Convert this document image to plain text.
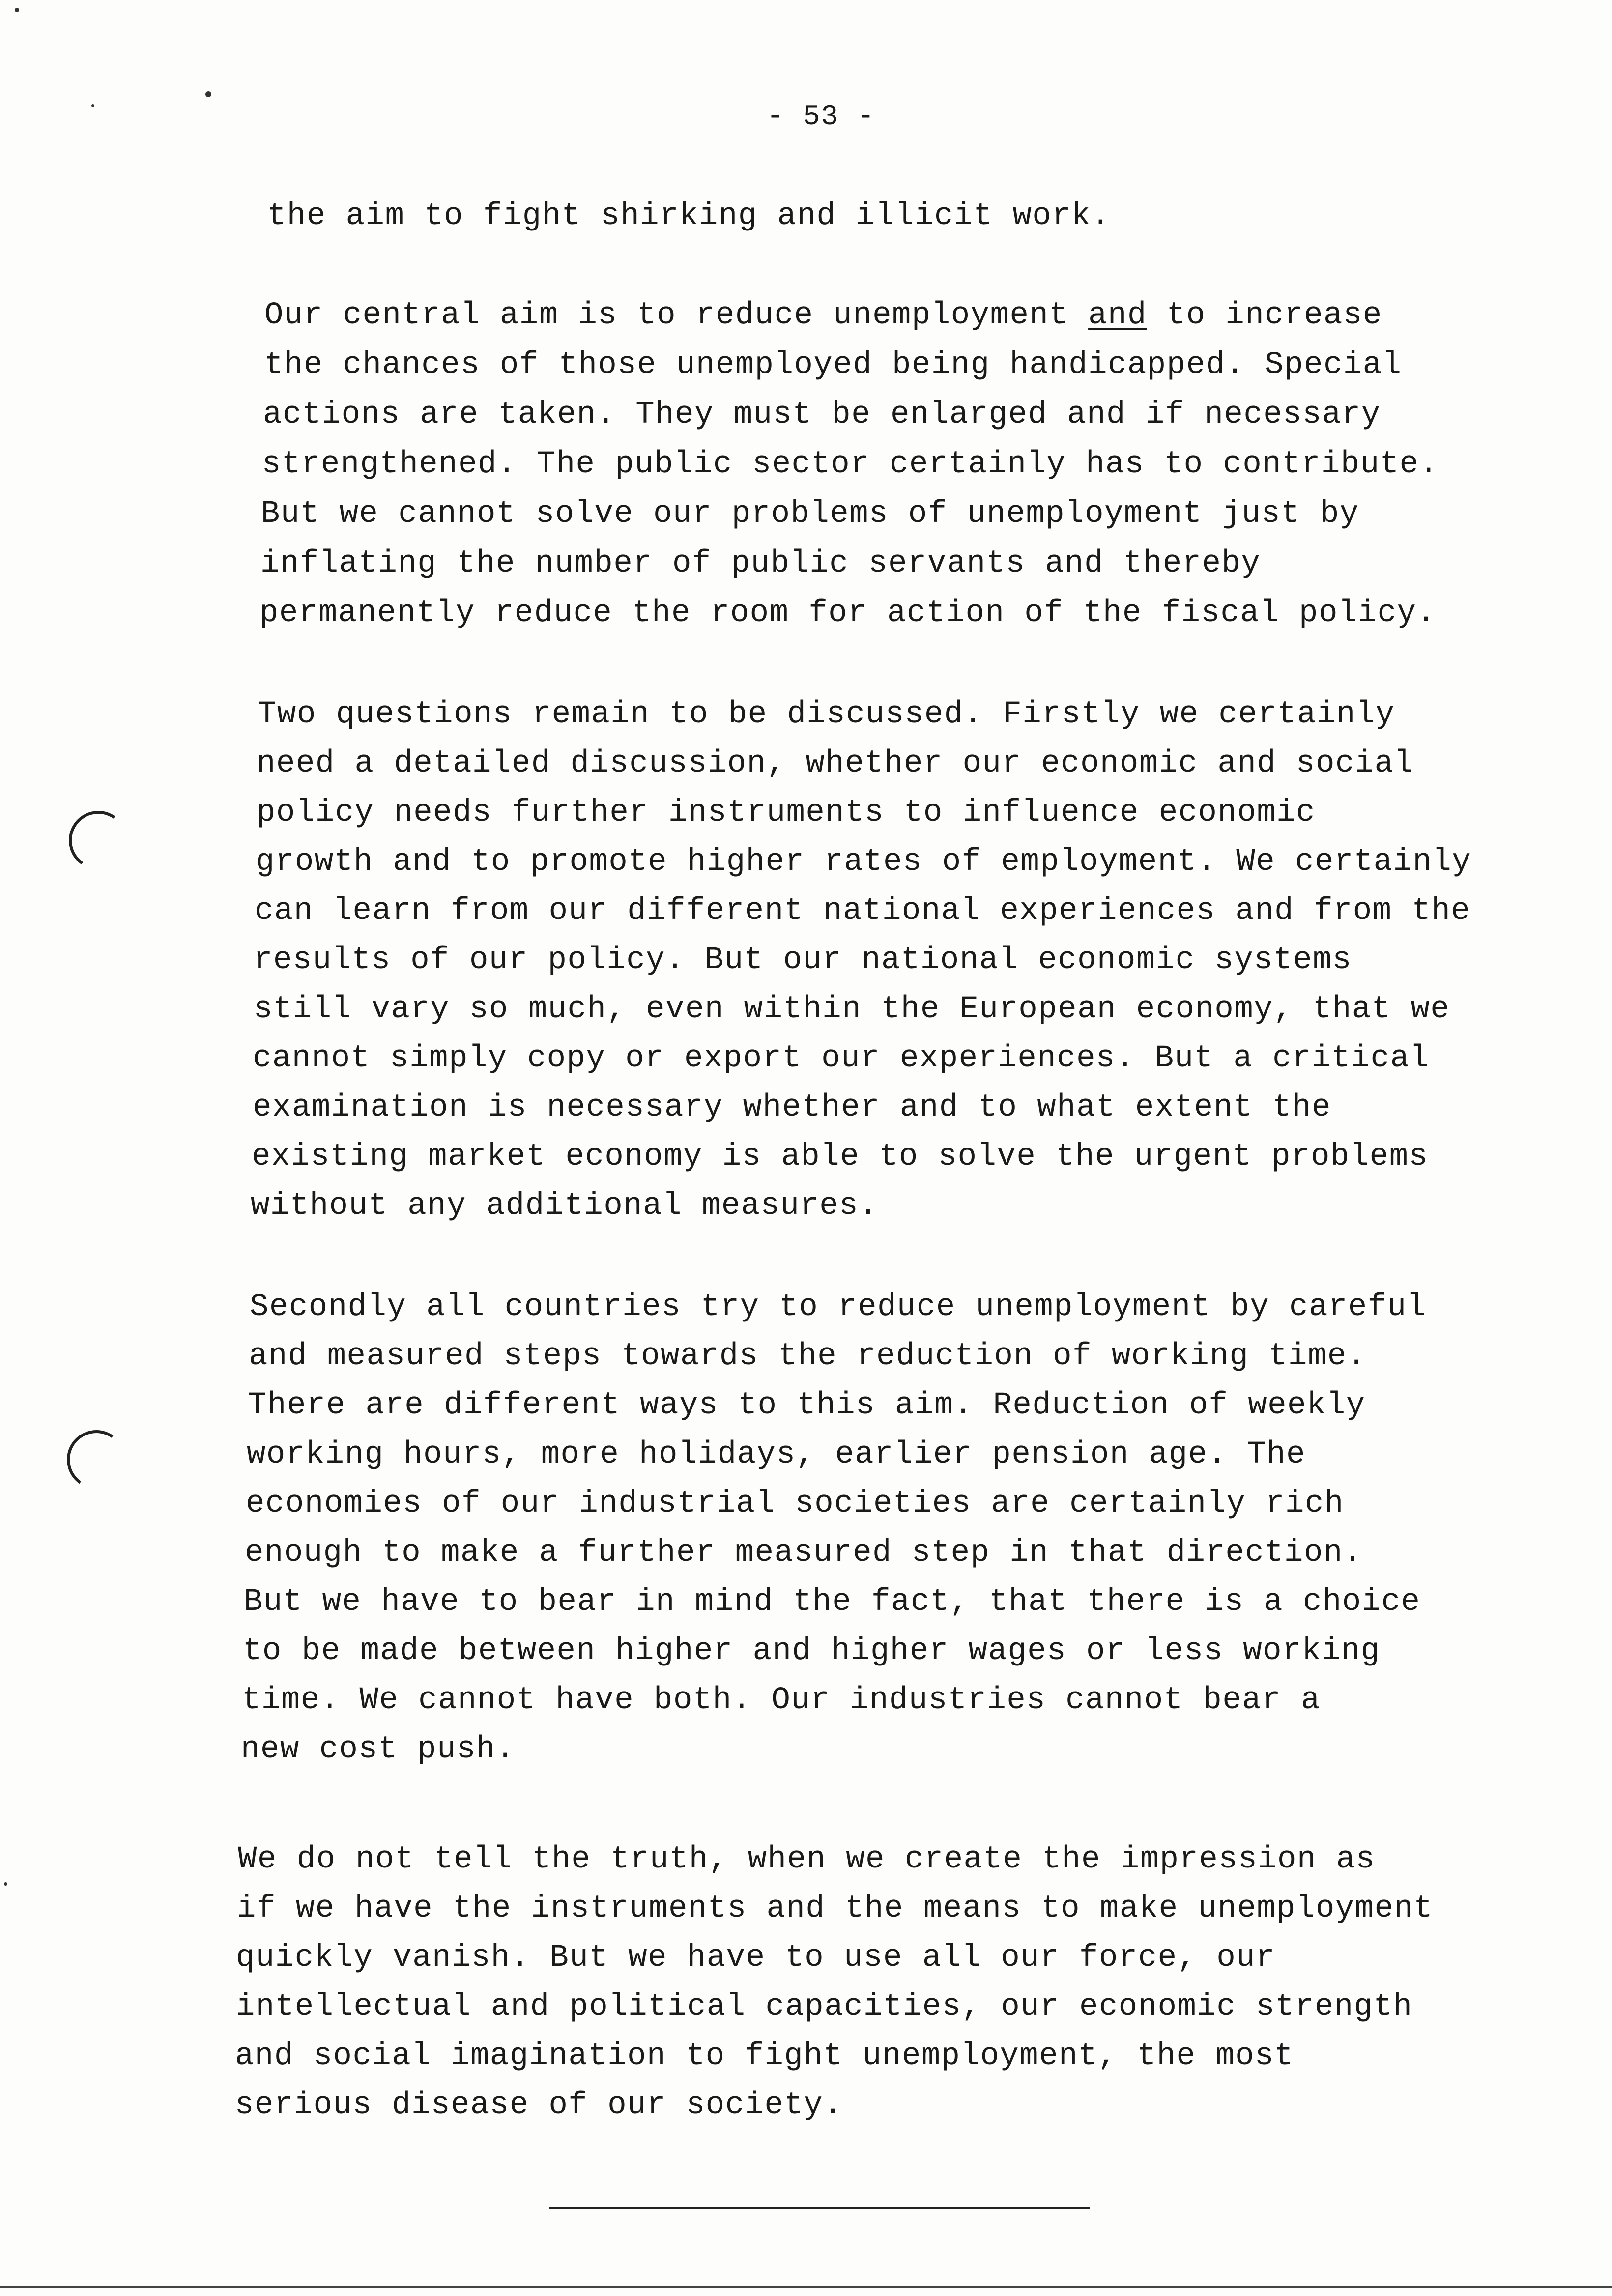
- 53 -
the aim to fight shirking and illicit work.
Our central aim is to reduce unemployment and to increase
the chances of those unemployed being handicapped. Special
actions are taken. They must be enlarged and if necessary
strengthened. The public sector certainly has to contribute.
But we cannot solve our problems of unemployment just by
inflating the number of public servants and thereby
permanently reduce the room for action of the fiscal policy.
Two questions remain to be discussed. Firstly we certainly
need a detailed discussion, whether our economic and social
policy needs further instruments to influence economic
growth and to promote higher rates of employment. We certainly
can learn from our different national experiences and from the
results of our policy. But our national economic systems
still vary so much, even within the European economy, that we
cannot simply copy or export our experiences. But a critical
examination is necessary whether and to what extent the
existing market economy is able to solve the urgent problems
without any additional measures.
Secondly all countries try to reduce unemployment by careful
and measured steps towards the reduction of working time.
There are different ways to this aim. Reduction of weekly
working hours, more holidays, earlier pension age. The
economies of our industrial societies are certainly rich
enough to make a further measured step in that direction.
But we have to bear in mind the fact, that there is a choice
to be made between higher and higher wages or less working
time. We cannot have both. Our industries cannot bear a
new cost push.
We do not tell the truth, when we create the impression as
if we have the instruments and the means to make unemployment
quickly vanish. But we have to use all our force, our
intellectual and political capacities, our economic strength
and social imagination to fight unemployment, the most
serious disease of our society.
